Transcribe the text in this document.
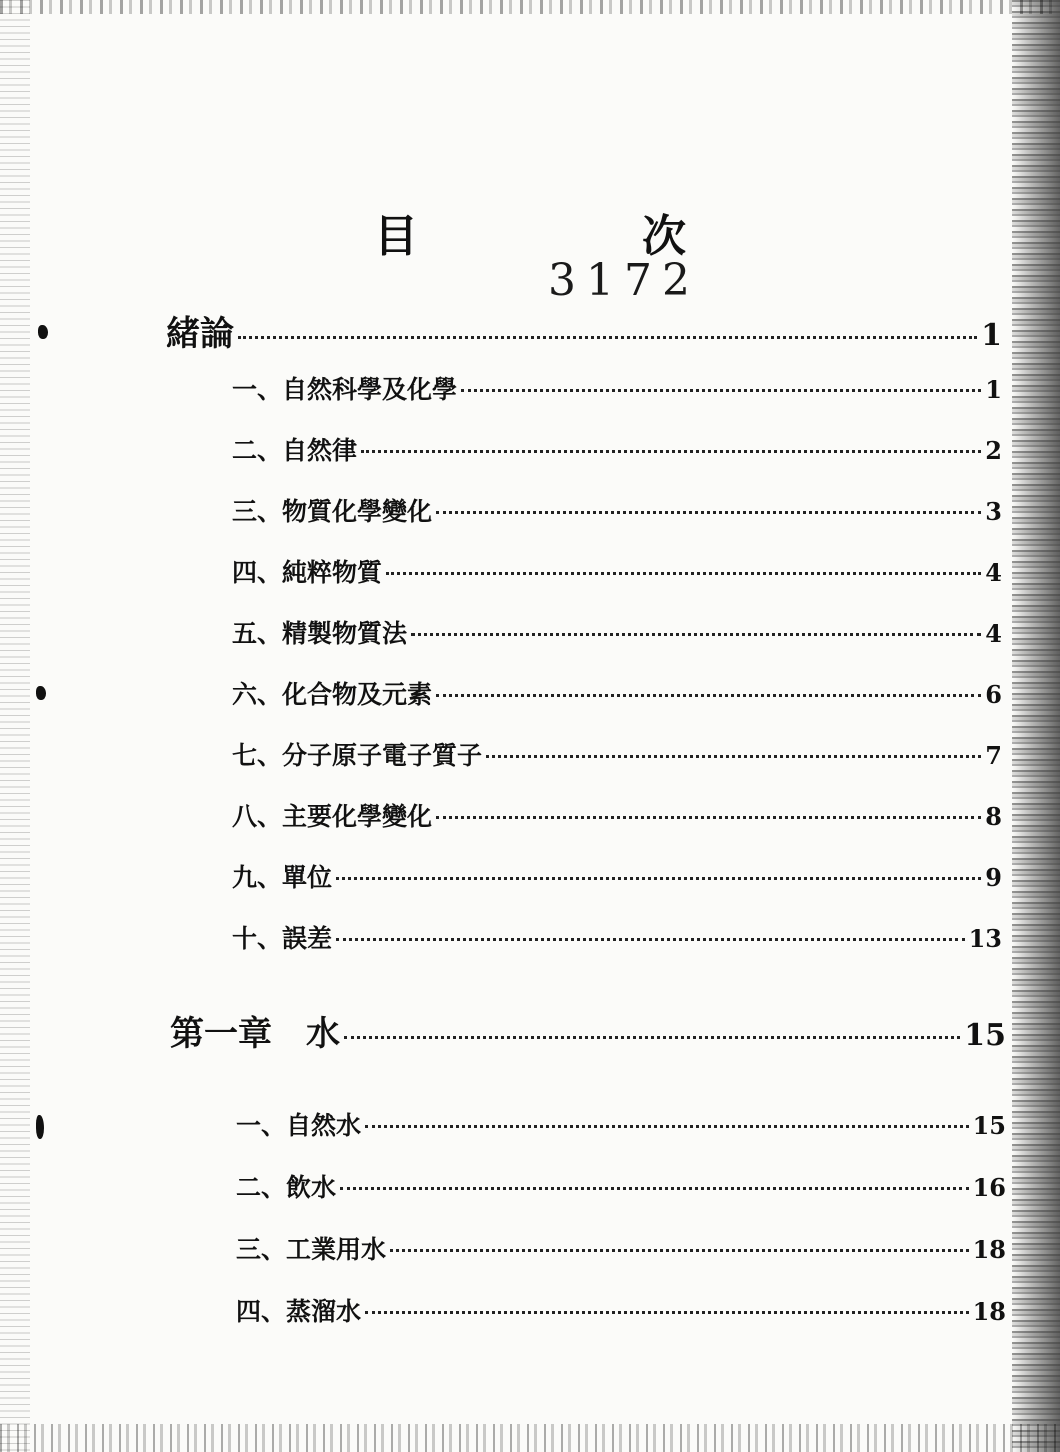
目　次
3172
緒論	1
一、自然科學及化學	1
二、自然律	2
三、物質化學變化	3
四、純粹物質	4
五、精製物質法	4
六、化合物及元素	6
七、分子原子電子質子	7
八、主要化學變化	8
九、單位	9
十、誤差	13
第一章　水	15
一、自然水	15
二、飲水	16
三、工業用水	18
四、蒸溜水	18
